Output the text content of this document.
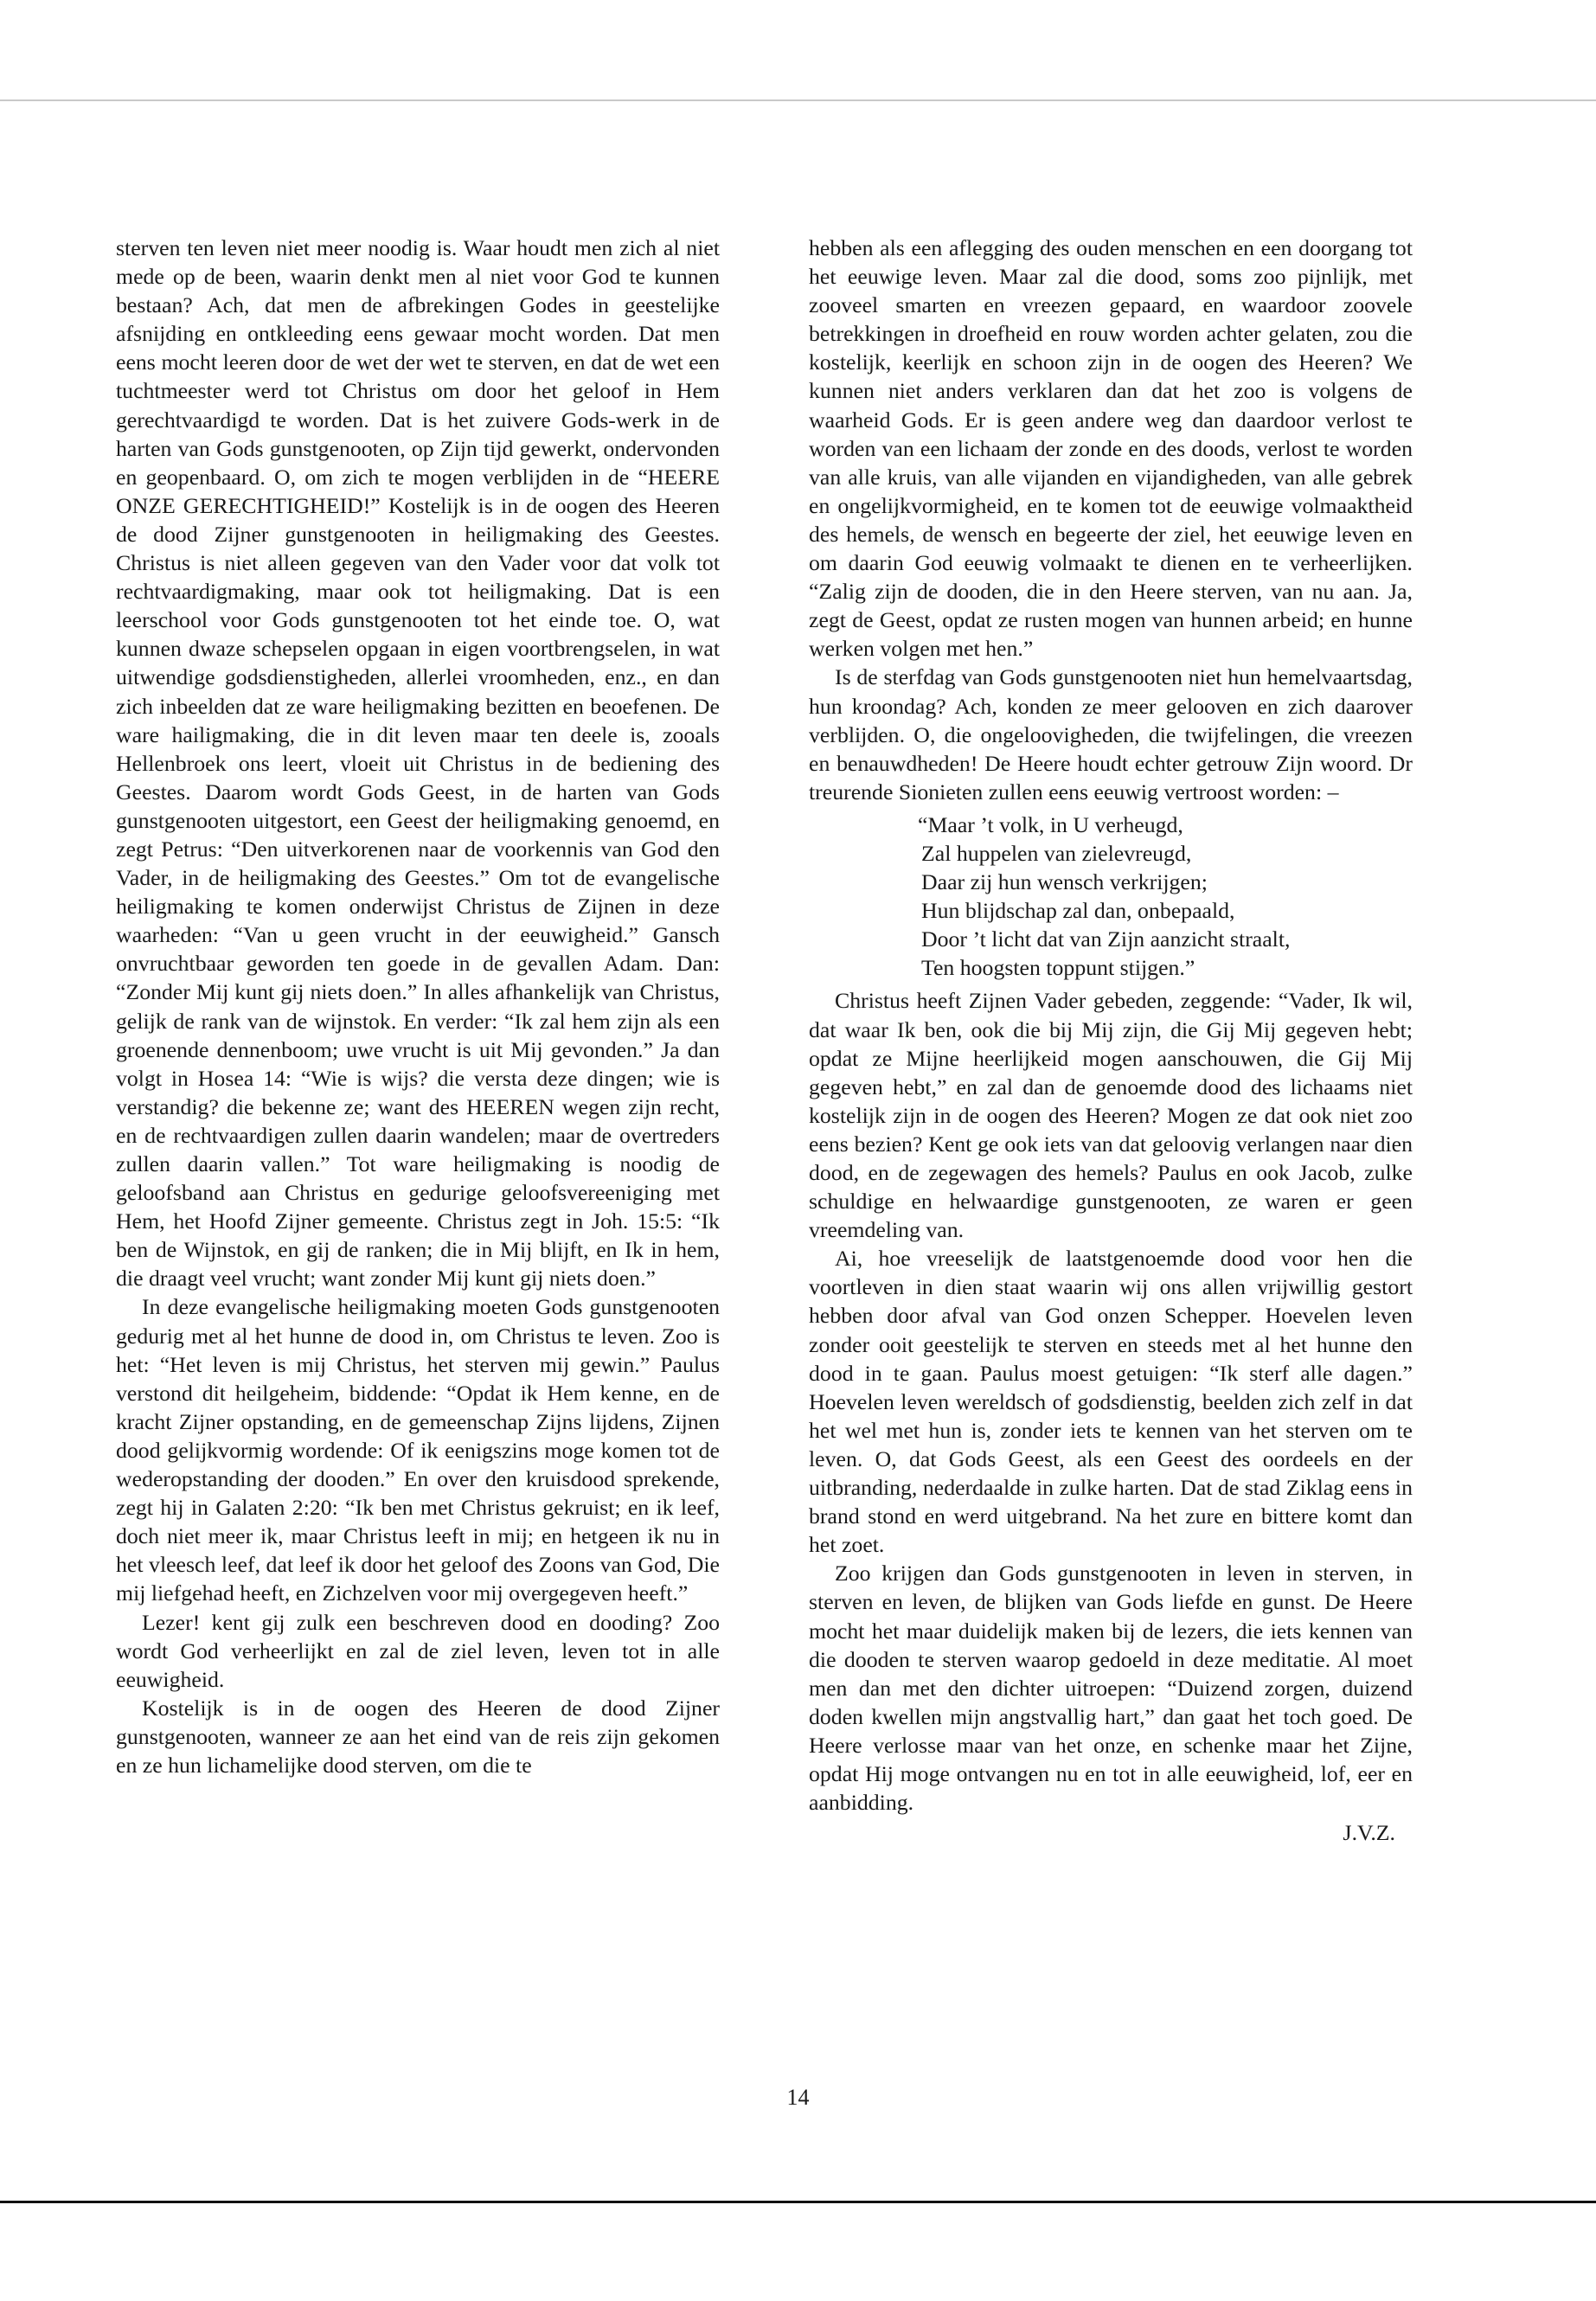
sterven ten leven niet meer noodig is. Waar houdt men zich al niet mede op de been, waarin denkt men al niet voor God te kunnen bestaan? Ach, dat men de afbrekingen Godes in geestelijke afsnijding en ontkleeding eens gewaar mocht worden. Dat men eens mocht leeren door de wet der wet te sterven, en dat de wet een tuchtmeester werd tot Christus om door het geloof in Hem gerechtvaardigd te worden. Dat is het zuivere Gods-werk in de harten van Gods gunstgenooten, op Zijn tijd gewerkt, ondervonden en geopenbaard. O, om zich te mogen verblijden in de “HEERE ONZE GERECHTIGHEID!” Kostelijk is in de oogen des Heeren de dood Zijner gunstgenooten in heiligmaking des Geestes. Christus is niet alleen gegeven van den Vader voor dat volk tot rechtvaardigmaking, maar ook tot heiligmaking. Dat is een leerschool voor Gods gunstgenooten tot het einde toe. O, wat kunnen dwaze schepselen opgaan in eigen voortbrengselen, in wat uitwendige godsdienstigheden, allerlei vroomheden, enz., en dan zich inbeelden dat ze ware heiligmaking bezitten en beoefenen. De ware hailigmaking, die in dit leven maar ten deele is, zooals Hellenbroek ons leert, vloeit uit Christus in de bediening des Geestes. Daarom wordt Gods Geest, in de harten van Gods gunstgenooten uitgestort, een Geest der heiligmaking genoemd, en zegt Petrus: “Den uitverkorenen naar de voorkennis van God den Vader, in de heiligmaking des Geestes.” Om tot de evangelische heiligmaking te komen onderwijst Christus de Zijnen in deze waarheden: “Van u geen vrucht in der eeuwigheid.” Gansch onvruchtbaar geworden ten goede in de gevallen Adam. Dan: “Zonder Mij kunt gij niets doen.” In alles afhankelijk van Christus, gelijk de rank van de wijnstok. En verder: “Ik zal hem zijn als een groenende dennenboom; uwe vrucht is uit Mij gevonden.” Ja dan volgt in Hosea 14: “Wie is wijs? die versta deze dingen; wie is verstandig? die bekenne ze; want des HEEREN wegen zijn recht, en de rechtvaardigen zullen daarin wandelen; maar de overtreders zullen daarin vallen.” Tot ware heiligmaking is noodig de geloofsband aan Christus en gedurige geloofsvereeniging met Hem, het Hoofd Zijner gemeente. Christus zegt in Joh. 15:5: “Ik ben de Wijnstok, en gij de ranken; die in Mij blijft, en Ik in hem, die draagt veel vrucht; want zonder Mij kunt gij niets doen.”

In deze evangelische heiligmaking moeten Gods gunstgenooten gedurig met al het hunne de dood in, om Christus te leven. Zoo is het: “Het leven is mij Christus, het sterven mij gewin.” Paulus verstond dit heilgeheim, biddende: “Opdat ik Hem kenne, en de kracht Zijner opstanding, en de gemeenschap Zijns lijdens, Zijnen dood gelijkvormig wordende: Of ik eenigszins moge komen tot de wederopstanding der dooden.” En over den kruisdood sprekende, zegt hij in Galaten 2:20: “Ik ben met Christus gekruist; en ik leef, doch niet meer ik, maar Christus leeft in mij; en hetgeen ik nu in het vleesch leef, dat leef ik door het geloof des Zoons van God, Die mij liefgehad heeft, en Zichzelven voor mij overgegeven heeft.”

Lezer! kent gij zulk een beschreven dood en dooding? Zoo wordt God verheerlijkt en zal de ziel leven, leven tot in alle eeuwigheid.

Kostelijk is in de oogen des Heeren de dood Zijner gunstgenooten, wanneer ze aan het eind van de reis zijn gekomen en ze hun lichamelijke dood sterven, om die te

hebben als een aflegging des ouden menschen en een doorgang tot het eeuwige leven. Maar zal die dood, soms zoo pijnlijk, met zooveel smarten en vreezen gepaard, en waardoor zoovele betrekkingen in droefheid en rouw worden achter gelaten, zou die kostelijk, keerlijk en schoon zijn in de oogen des Heeren? We kunnen niet anders verklaren dan dat het zoo is volgens de waarheid Gods. Er is geen andere weg dan daardoor verlost te worden van een lichaam der zonde en des doods, verlost te worden van alle kruis, van alle vijanden en vijandigheden, van alle gebrek en ongelijkvormigheid, en te komen tot de eeuwige volmaaktheid des hemels, de wensch en begeerte der ziel, het eeuwige leven en om daarin God eeuwig volmaakt te dienen en te verheerlijken. “Zalig zijn de dooden, die in den Heere sterven, van nu aan. Ja, zegt de Geest, opdat ze rusten mogen van hunnen arbeid; en hunne werken volgen met hen.”

Is de sterfdag van Gods gunstgenooten niet hun hemelvaartsdag, hun kroondag? Ach, konden ze meer gelooven en zich daarover verblijden. O, die ongeloovigheden, die twijfelingen, die vreezen en benauwdheden! De Heere houdt echter getrouw Zijn woord. Dr treurende Sionieten zullen eens eeuwig vertroost worden: –

“Maar ’t volk, in U verheugd,
Zal huppelen van zielevreugd,
Daar zij hun wensch verkrijgen;
Hun blijdschap zal dan, onbepaald,
Door ’t licht dat van Zijn aanzicht straalt,
Ten hoogsten toppunt stijgen.”

Christus heeft Zijnen Vader gebeden, zeggende: “Vader, Ik wil, dat waar Ik ben, ook die bij Mij zijn, die Gij Mij gegeven hebt; opdat ze Mijne heerlijkeid mogen aanschouwen, die Gij Mij gegeven hebt,” en zal dan de genoemde dood des lichaams niet kostelijk zijn in de oogen des Heeren? Mogen ze dat ook niet zoo eens bezien? Kent ge ook iets van dat geloovig verlangen naar dien dood, en de zegewagen des hemels? Paulus en ook Jacob, zulke schuldige en helwaardige gunstgenooten, ze waren er geen vreemdeling van.

Ai, hoe vreeselijk de laatstgenoemde dood voor hen die voortleven in dien staat waarin wij ons allen vrijwillig gestort hebben door afval van God onzen Schepper. Hoevelen leven zonder ooit geestelijk te sterven en steeds met al het hunne den dood in te gaan. Paulus moest getuigen: “Ik sterf alle dagen.” Hoevelen leven wereldsch of godsdienstig, beelden zich zelf in dat het wel met hun is, zonder iets te kennen van het sterven om te leven. O, dat Gods Geest, als een Geest des oordeels en der uitbranding, nederdaalde in zulke harten. Dat de stad Ziklag eens in brand stond en werd uitgebrand. Na het zure en bittere komt dan het zoet.

Zoo krijgen dan Gods gunstgenooten in leven in sterven, in sterven en leven, de blijken van Gods liefde en gunst. De Heere mocht het maar duidelijk maken bij de lezers, die iets kennen van die dooden te sterven waarop gedoeld in deze meditatie. Al moet men dan met den dichter uitroepen: “Duizend zorgen, duizend doden kwellen mijn angstvallig hart,” dan gaat het toch goed. De Heere verlosse maar van het onze, en schenke maar het Zijne, opdat Hij moge ontvangen nu en tot in alle eeuwigheid, lof, eer en aanbidding.

J.V.Z.
14
